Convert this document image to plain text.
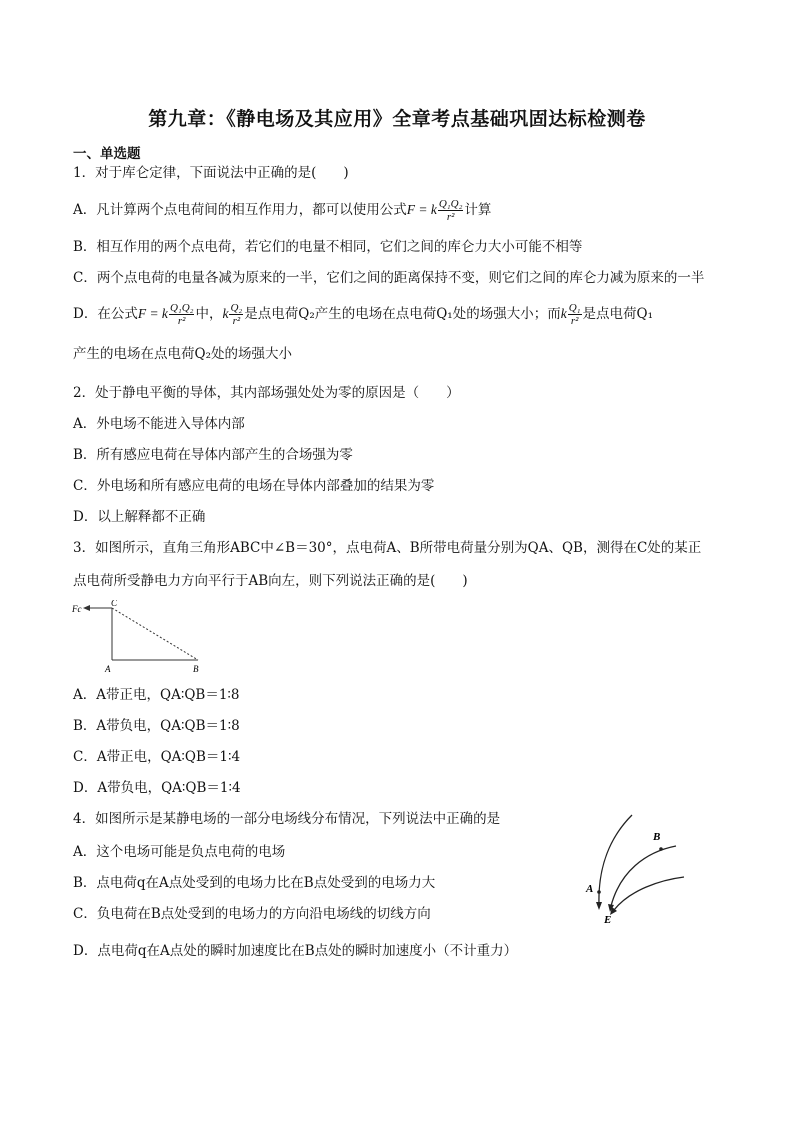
第九章：《静电场及其应用》全章考点基础巩固达标检测卷
一、单选题
1．对于库仑定律，下面说法中正确的是(　　)
A．凡计算两个点电荷间的相互作用力，都可以使用公式F = k $\frac{\text{Q₁Q₂}}{\text{r²}}$ 计算
B．相互作用的两个点电荷，若它们的电量不相同，它们之间的库仑力大小可能不相等
C．两个点电荷的电量各减为原来的一半，它们之间的距离保持不变，则它们之间的库仑力减为原来的一半
D．在公式F = k $\frac{\text{Q₁Q₂}}{\text{r²}}$ 中，k $\frac{\text{Q₂}}{\text{r²}}$ 是点电荷Q₂产生的电场在点电荷Q₁处的场强大小；而k $\frac{\text{Q₁}}{\text{r²}}$ 是点电荷Q₁
产生的电场在点电荷Q₂处的场强大小
2．处于静电平衡的导体，其内部场强处处为零的原因是（　　）
A．外电场不能进入导体内部
B．所有感应电荷在导体内部产生的合场强为零
C．外电场和所有感应电荷的电场在导体内部叠加的结果为零
D．以上解释都不正确
3．如图所示，直角三角形ABC中∠B＝30°，点电荷A、B所带电荷量分别为QA、QB，测得在C处的某正
点电荷所受静电力方向平行于AB向左，则下列说法正确的是(　　)
Fc
C
A	B
A．A带正电，QA∶QB＝1∶8
B．A带负电，QA∶QB＝1∶8
C．A带正电，QA∶QB＝1∶4
D．A带负电，QA∶QB＝1∶4
4．如图所示是某静电场的一部分电场线分布情况，下列说法中正确的是
A．这个电场可能是负点电荷的电场
B．点电荷q在A点处受到的电场力比在B点处受到的电场力大
C．负电荷在B点处受到的电场力的方向沿电场线的切线方向
D．点电荷q在A点处的瞬时加速度比在B点处的瞬时加速度小（不计重力）
A
B
E
